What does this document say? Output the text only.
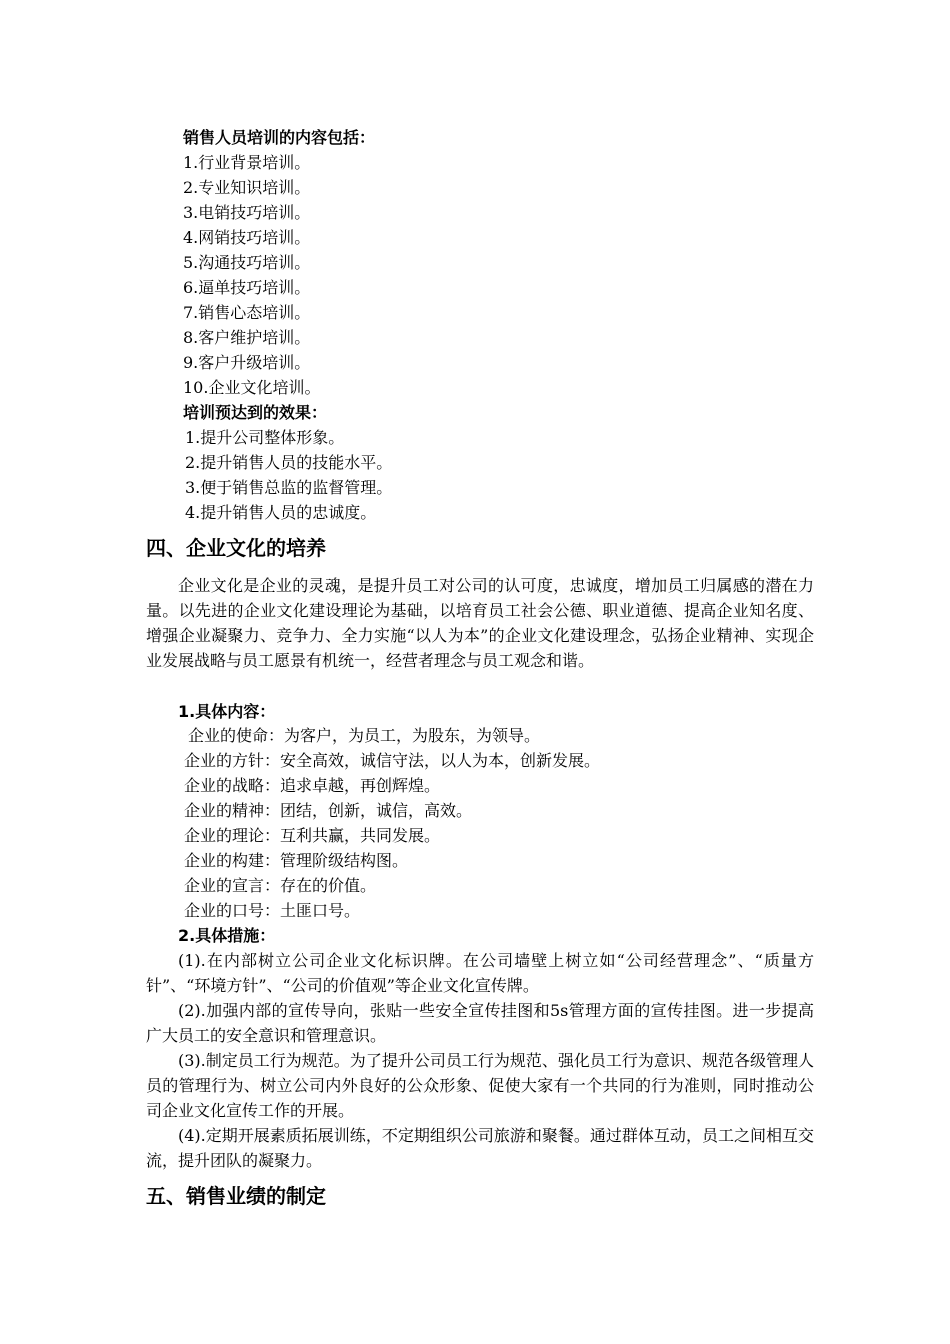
销售人员培训的内容包括：
1.行业背景培训。
2.专业知识培训。
3.电销技巧培训。
4.网销技巧培训。
5.沟通技巧培训。
6.逼单技巧培训。
7.销售心态培训。
8.客户维护培训。
9.客户升级培训。
10.企业文化培训。
培训预达到的效果：
1.提升公司整体形象。
2.提升销售人员的技能水平。
3.便于销售总监的监督管理。
4.提升销售人员的忠诚度。
四、企业文化的培养
企业文化是企业的灵魂，是提升员工对公司的认可度，忠诚度，增加员工归属感的潜在力量。以先进的企业文化建设理论为基础，以培育员工社会公德、职业道德、提高企业知名度、增强企业凝聚力、竞争力、全力实施“以人为本”的企业文化建设理念，弘扬企业精神、实现企业发展战略与员工愿景有机统一，经营者理念与员工观念和谐。
1.具体内容：
企业的使命：为客户，为员工，为股东，为领导。
企业的方针：安全高效，诚信守法，以人为本，创新发展。
企业的战略：追求卓越，再创辉煌。
企业的精神：团结，创新，诚信，高效。
企业的理论：互利共赢，共同发展。
企业的构建：管理阶级结构图。
企业的宣言：存在的价值。
企业的口号：土匪口号。
2.具体措施：
(1).在内部树立公司企业文化标识牌。在公司墙壁上树立如“公司经营理念”、“质量方针”、“环境方针”、“公司的价值观”等企业文化宣传牌。
(2).加强内部的宣传导向，张贴一些安全宣传挂图和5s管理方面的宣传挂图。进一步提高广大员工的安全意识和管理意识。
(3).制定员工行为规范。为了提升公司员工行为规范、强化员工行为意识、规范各级管理人员的管理行为、树立公司内外良好的公众形象、促使大家有一个共同的行为准则，同时推动公司企业文化宣传工作的开展。
(4).定期开展素质拓展训练，不定期组织公司旅游和聚餐。通过群体互动，员工之间相互交流，提升团队的凝聚力。
五、销售业绩的制定
